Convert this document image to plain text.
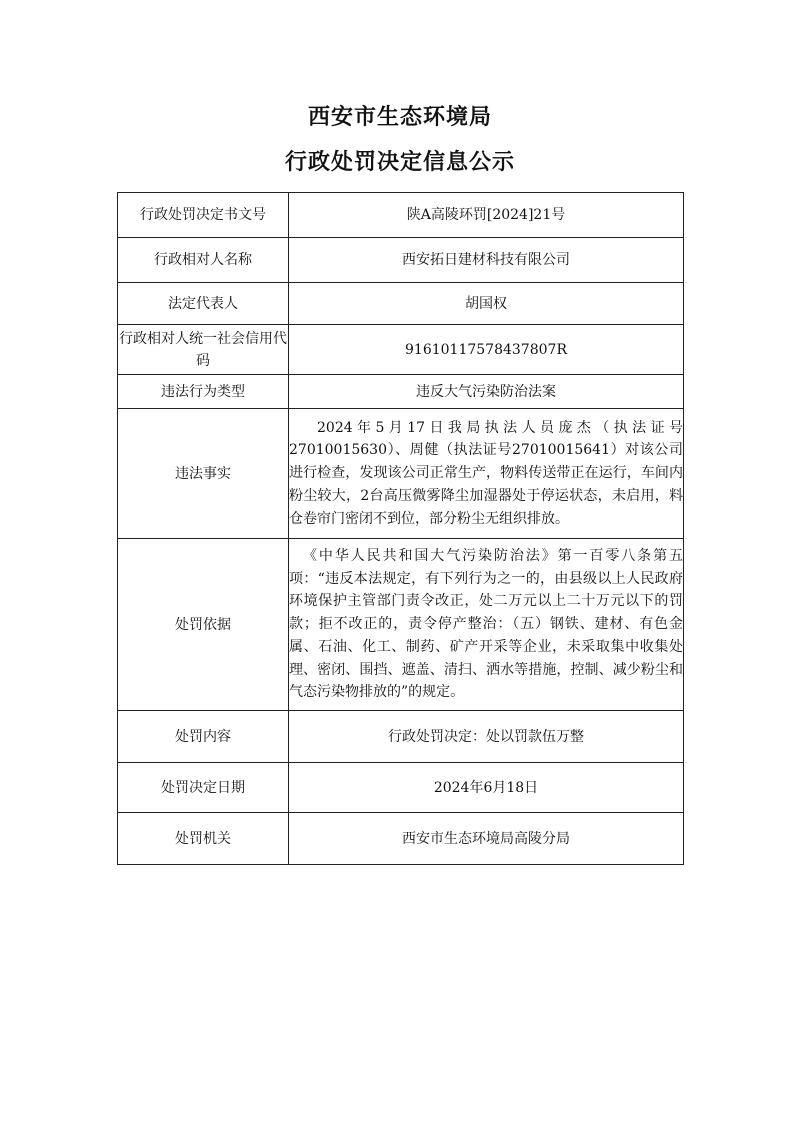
西安市生态环境局
行政处罚决定信息公示
行政处罚决定书文号	陕A高陵环罚[2024]21号
行政相对人名称	西安拓日建材科技有限公司
法定代表人	胡国权
行政相对人统一社会信用代码	91610117578437807R
违法行为类型	违反大气污染防治法案
违法事实	2024年5月17日我局执法人员庞杰（执法证号27010015630）、周健（执法证号27010015641）对该公司进行检查，发现该公司正常生产，物料传送带正在运行，车间内粉尘较大，2台高压微雾降尘加湿器处于停运状态，未启用，料仓卷帘门密闭不到位，部分粉尘无组织排放。
处罚依据	《中华人民共和国大气污染防治法》第一百零八条第五项：“违反本法规定，有下列行为之一的，由县级以上人民政府环境保护主管部门责令改正，处二万元以上二十万元以下的罚款；拒不改正的，责令停产整治：（五）钢铁、建材、有色金属、石油、化工、制药、矿产开采等企业，未采取集中收集处理、密闭、围挡、遮盖、清扫、洒水等措施，控制、减少粉尘和气态污染物排放的”的规定。
处罚内容	行政处罚决定：处以罚款伍万整
处罚决定日期	2024年6月18日
处罚机关	西安市生态环境局高陵分局
